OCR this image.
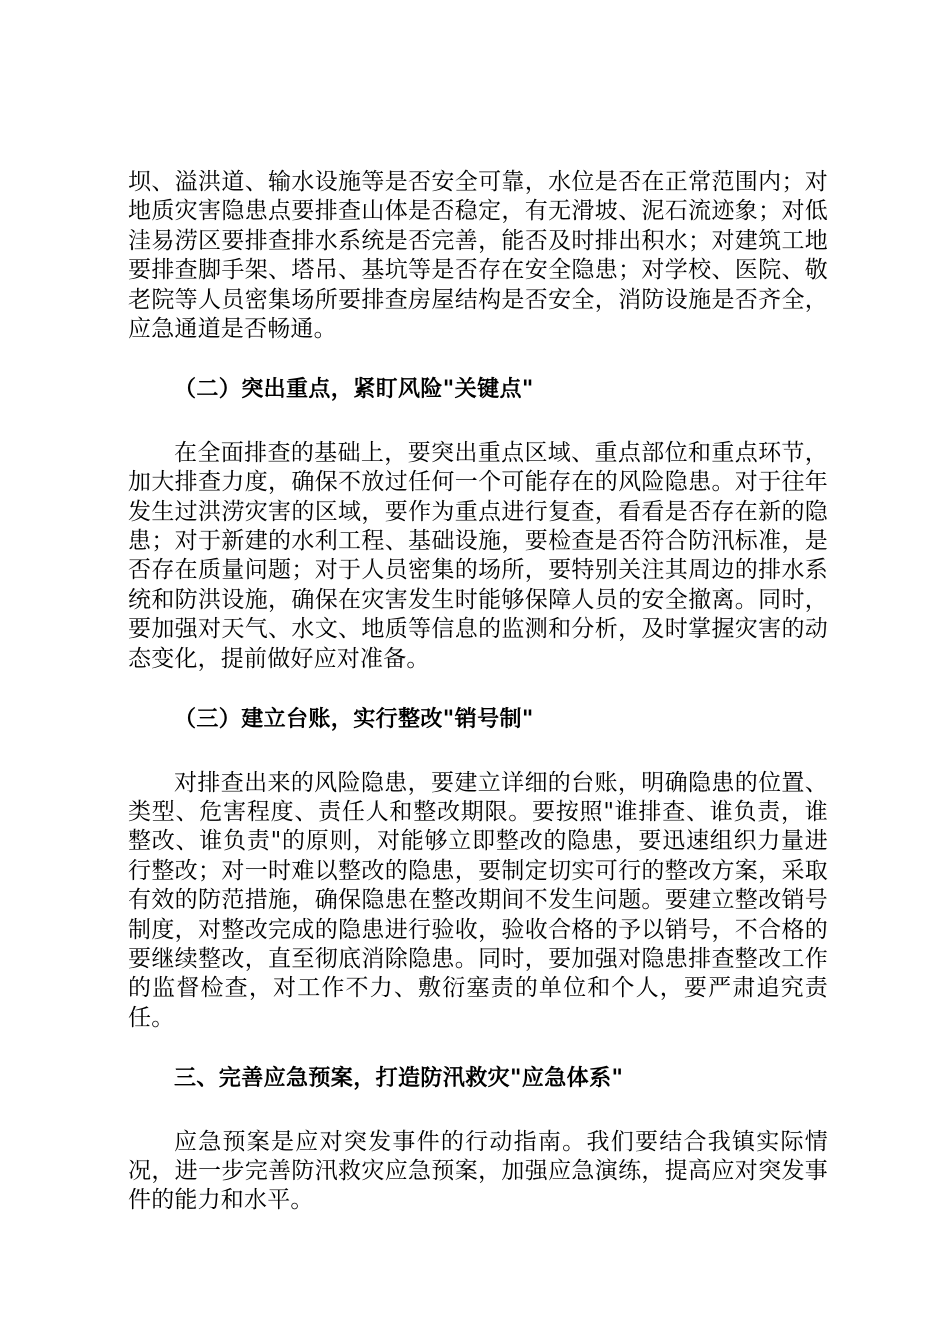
坝、溢洪道、输水设施等是否安全可靠，水位是否在正常范围内；对地质灾害隐患点要排查山体是否稳定，有无滑坡、泥石流迹象；对低洼易涝区要排查排水系统是否完善，能否及时排出积水；对建筑工地要排查脚手架、塔吊、基坑等是否存在安全隐患；对学校、医院、敬老院等人员密集场所要排查房屋结构是否安全，消防设施是否齐全，应急通道是否畅通。

（二）突出重点，紧盯风险"关键点"

在全面排查的基础上，要突出重点区域、重点部位和重点环节，加大排查力度，确保不放过任何一个可能存在的风险隐患。对于往年发生过洪涝灾害的区域，要作为重点进行复查，看看是否存在新的隐患；对于新建的水利工程、基础设施，要检查是否符合防汛标准，是否存在质量问题；对于人员密集的场所，要特别关注其周边的排水系统和防洪设施，确保在灾害发生时能够保障人员的安全撤离。同时，要加强对天气、水文、地质等信息的监测和分析，及时掌握灾害的动态变化，提前做好应对准备。

（三）建立台账，实行整改"销号制"

对排查出来的风险隐患，要建立详细的台账，明确隐患的位置、类型、危害程度、责任人和整改期限。要按照"谁排查、谁负责，谁整改、谁负责"的原则，对能够立即整改的隐患，要迅速组织力量进行整改；对一时难以整改的隐患，要制定切实可行的整改方案，采取有效的防范措施，确保隐患在整改期间不发生问题。要建立整改销号制度，对整改完成的隐患进行验收，验收合格的予以销号，不合格的要继续整改，直至彻底消除隐患。同时，要加强对隐患排查整改工作的监督检查，对工作不力、敷衍塞责的单位和个人，要严肃追究责任。

三、完善应急预案，打造防汛救灾"应急体系"

应急预案是应对突发事件的行动指南。我们要结合我镇实际情况，进一步完善防汛救灾应急预案，加强应急演练，提高应对突发事件的能力和水平。
